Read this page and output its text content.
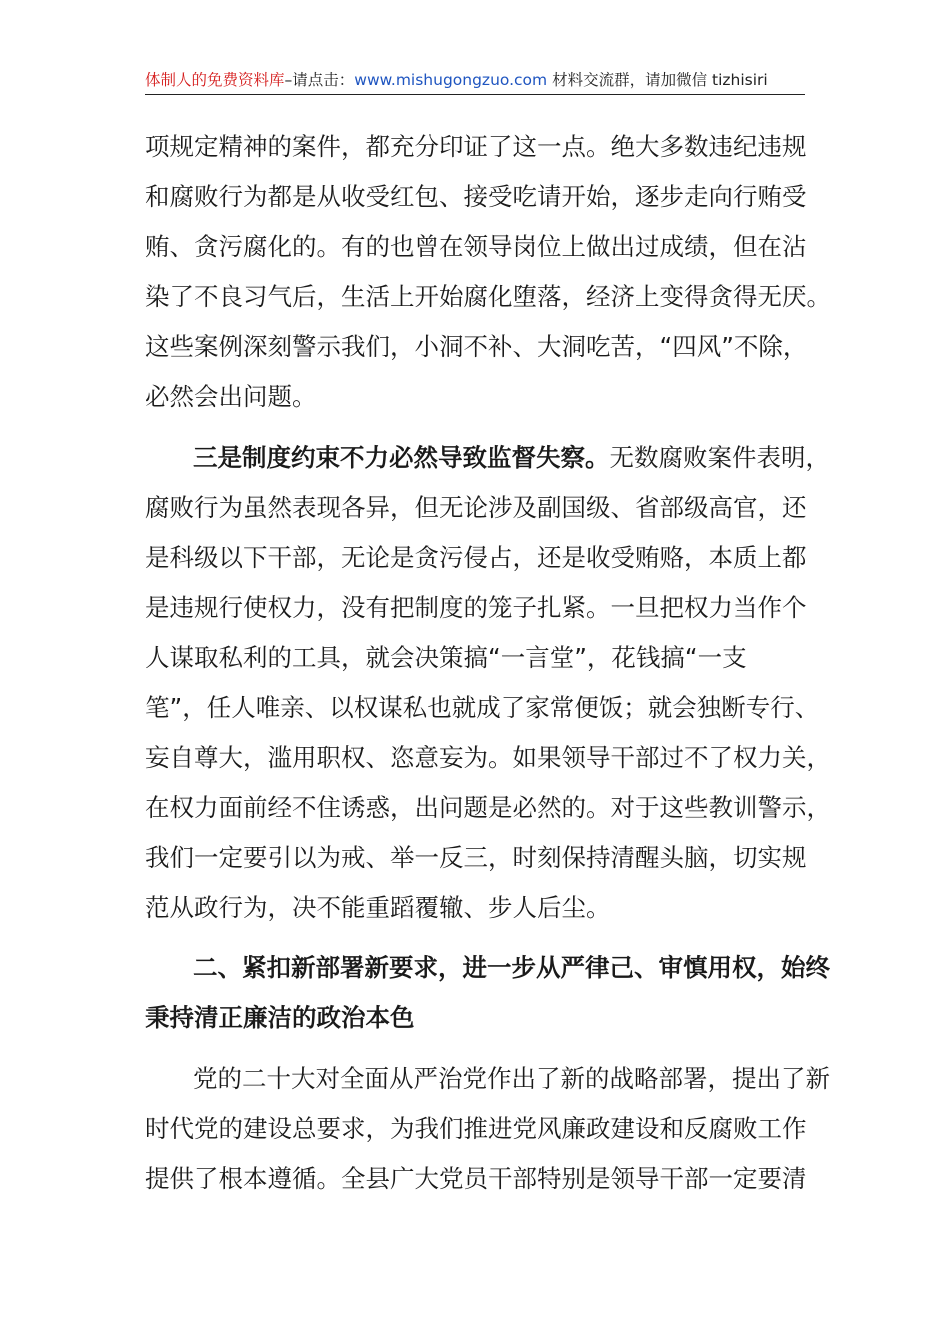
体制人的免费资料库–请点击：www.mishugongzuo.com 材料交流群，请加微信 tizhisiri
项规定精神的案件，都充分印证了这一点。绝大多数违纪违规
和腐败行为都是从收受红包、接受吃请开始，逐步走向行贿受
贿、贪污腐化的。有的也曾在领导岗位上做出过成绩，但在沾
染了不良习气后，生活上开始腐化堕落，经济上变得贪得无厌。
这些案例深刻警示我们，小洞不补、大洞吃苦，“四风”不除，
必然会出问题。
三是制度约束不力必然导致监督失察。无数腐败案件表明，
腐败行为虽然表现各异，但无论涉及副国级、省部级高官，还
是科级以下干部，无论是贪污侵占，还是收受贿赂，本质上都
是违规行使权力，没有把制度的笼子扎紧。一旦把权力当作个
人谋取私利的工具，就会决策搞“一言堂”，花钱搞“一支
笔”，任人唯亲、以权谋私也就成了家常便饭；就会独断专行、
妄自尊大，滥用职权、恣意妄为。如果领导干部过不了权力关，
在权力面前经不住诱惑，出问题是必然的。对于这些教训警示，
我们一定要引以为戒、举一反三，时刻保持清醒头脑，切实规
范从政行为，决不能重蹈覆辙、步人后尘。
二、紧扣新部署新要求，进一步从严律己、审慎用权，始终
秉持清正廉洁的政治本色
党的二十大对全面从严治党作出了新的战略部署，提出了新
时代党的建设总要求，为我们推进党风廉政建设和反腐败工作
提供了根本遵循。全县广大党员干部特别是领导干部一定要清
